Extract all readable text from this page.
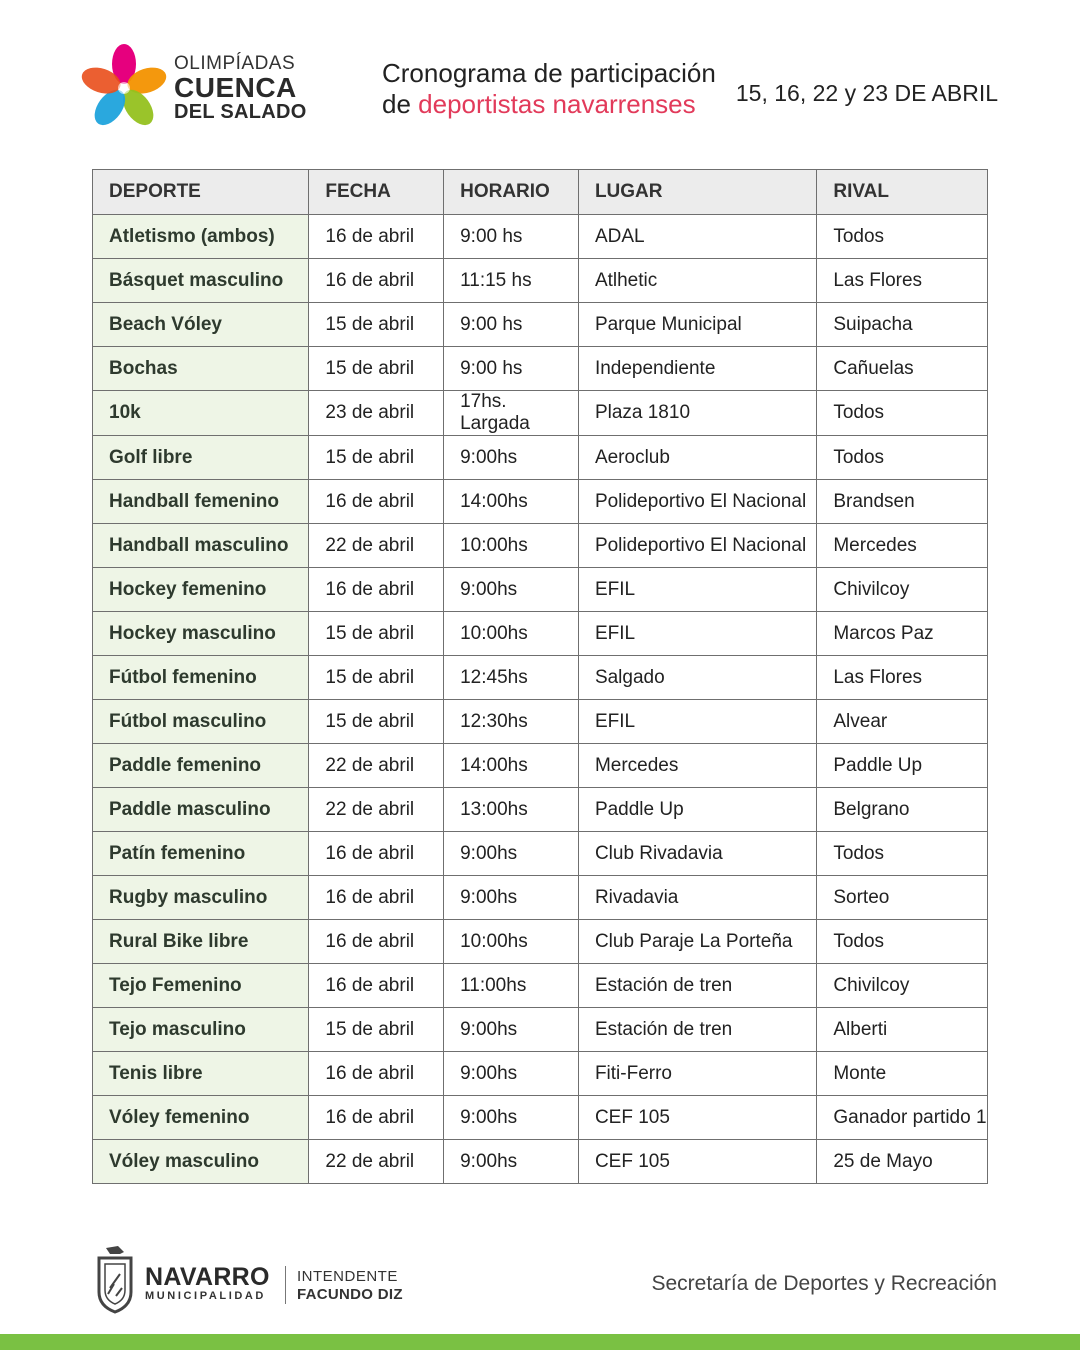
OLIMPÍADAS
CUENCA
DEL SALADO
Cronograma de participación
de deportistas navarrenses	15, 16, 22 y 23 DE ABRIL
DEPORTE	FECHA	HORARIO	LUGAR	RIVAL
Atletismo (ambos)	16 de abril	9:00 hs	ADAL	Todos
Básquet masculino	16 de abril	11:15 hs	Atlhetic	Las Flores
Beach Vóley	15 de abril	9:00 hs	Parque Municipal	Suipacha
Bochas	15 de abril	9:00 hs	Independiente	Cañuelas
10k	23 de abril	17hs. Largada	Plaza 1810	Todos
Golf libre	15 de abril	9:00hs	Aeroclub	Todos
Handball femenino	16 de abril	14:00hs	Polideportivo El Nacional	Brandsen
Handball masculino	22 de abril	10:00hs	Polideportivo El Nacional	Mercedes
Hockey femenino	16 de abril	9:00hs	EFIL	Chivilcoy
Hockey masculino	15 de abril	10:00hs	EFIL	Marcos Paz
Fútbol femenino	15 de abril	12:45hs	Salgado	Las Flores
Fútbol masculino	15 de abril	12:30hs	EFIL	Alvear
Paddle femenino	22 de abril	14:00hs	Mercedes	Paddle Up
Paddle masculino	22 de abril	13:00hs	Paddle Up	Belgrano
Patín femenino	16 de abril	9:00hs	Club Rivadavia	Todos
Rugby masculino	16 de abril	9:00hs	Rivadavia	Sorteo
Rural Bike libre	16 de abril	10:00hs	Club Paraje La Porteña	Todos
Tejo Femenino	16 de abril	11:00hs	Estación de tren	Chivilcoy
Tejo masculino	15 de abril	9:00hs	Estación de tren	Alberti
Tenis libre	16 de abril	9:00hs	Fiti-Ferro	Monte
Vóley femenino	16 de abril	9:00hs	CEF 105	Ganador partido 1
Vóley masculino	22 de abril	9:00hs	CEF 105	25 de Mayo
NAVARRO
MUNICIPALIDAD
INTENDENTE
FACUNDO DIZ	Secretaría de Deportes y Recreación
